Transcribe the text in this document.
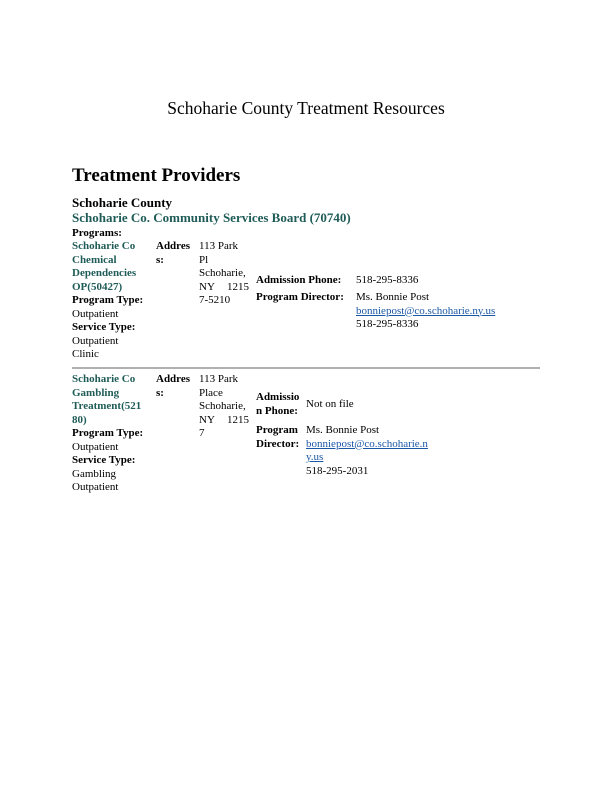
Schoharie County Treatment Resources
Treatment Providers
Schoharie County
Schoharie Co. Community Services Board (70740)
Programs:
Schoharie Co
Chemical
Dependencies
OP(50427)
Program Type:
Outpatient
Service Type:
Outpatient
Clinic
Addres
s:
113 Park
Pl
Schoharie,
NY 1215
7-5210
Admission Phone: 518-295-8336
Program Director: Ms. Bonnie Post
bonniepost@co.schoharie.ny.us
518-295-8336
Schoharie Co
Gambling
Treatment(521
80)
Program Type:
Outpatient
Service Type:
Gambling
Outpatient
Addres
s:
113 Park
Place
Schoharie,
NY 1215
7
Admissio
n Phone:
Not on file
Program
Director:
Ms. Bonnie Post
bonniepost@co.schoharie.n
y.us
518-295-2031
